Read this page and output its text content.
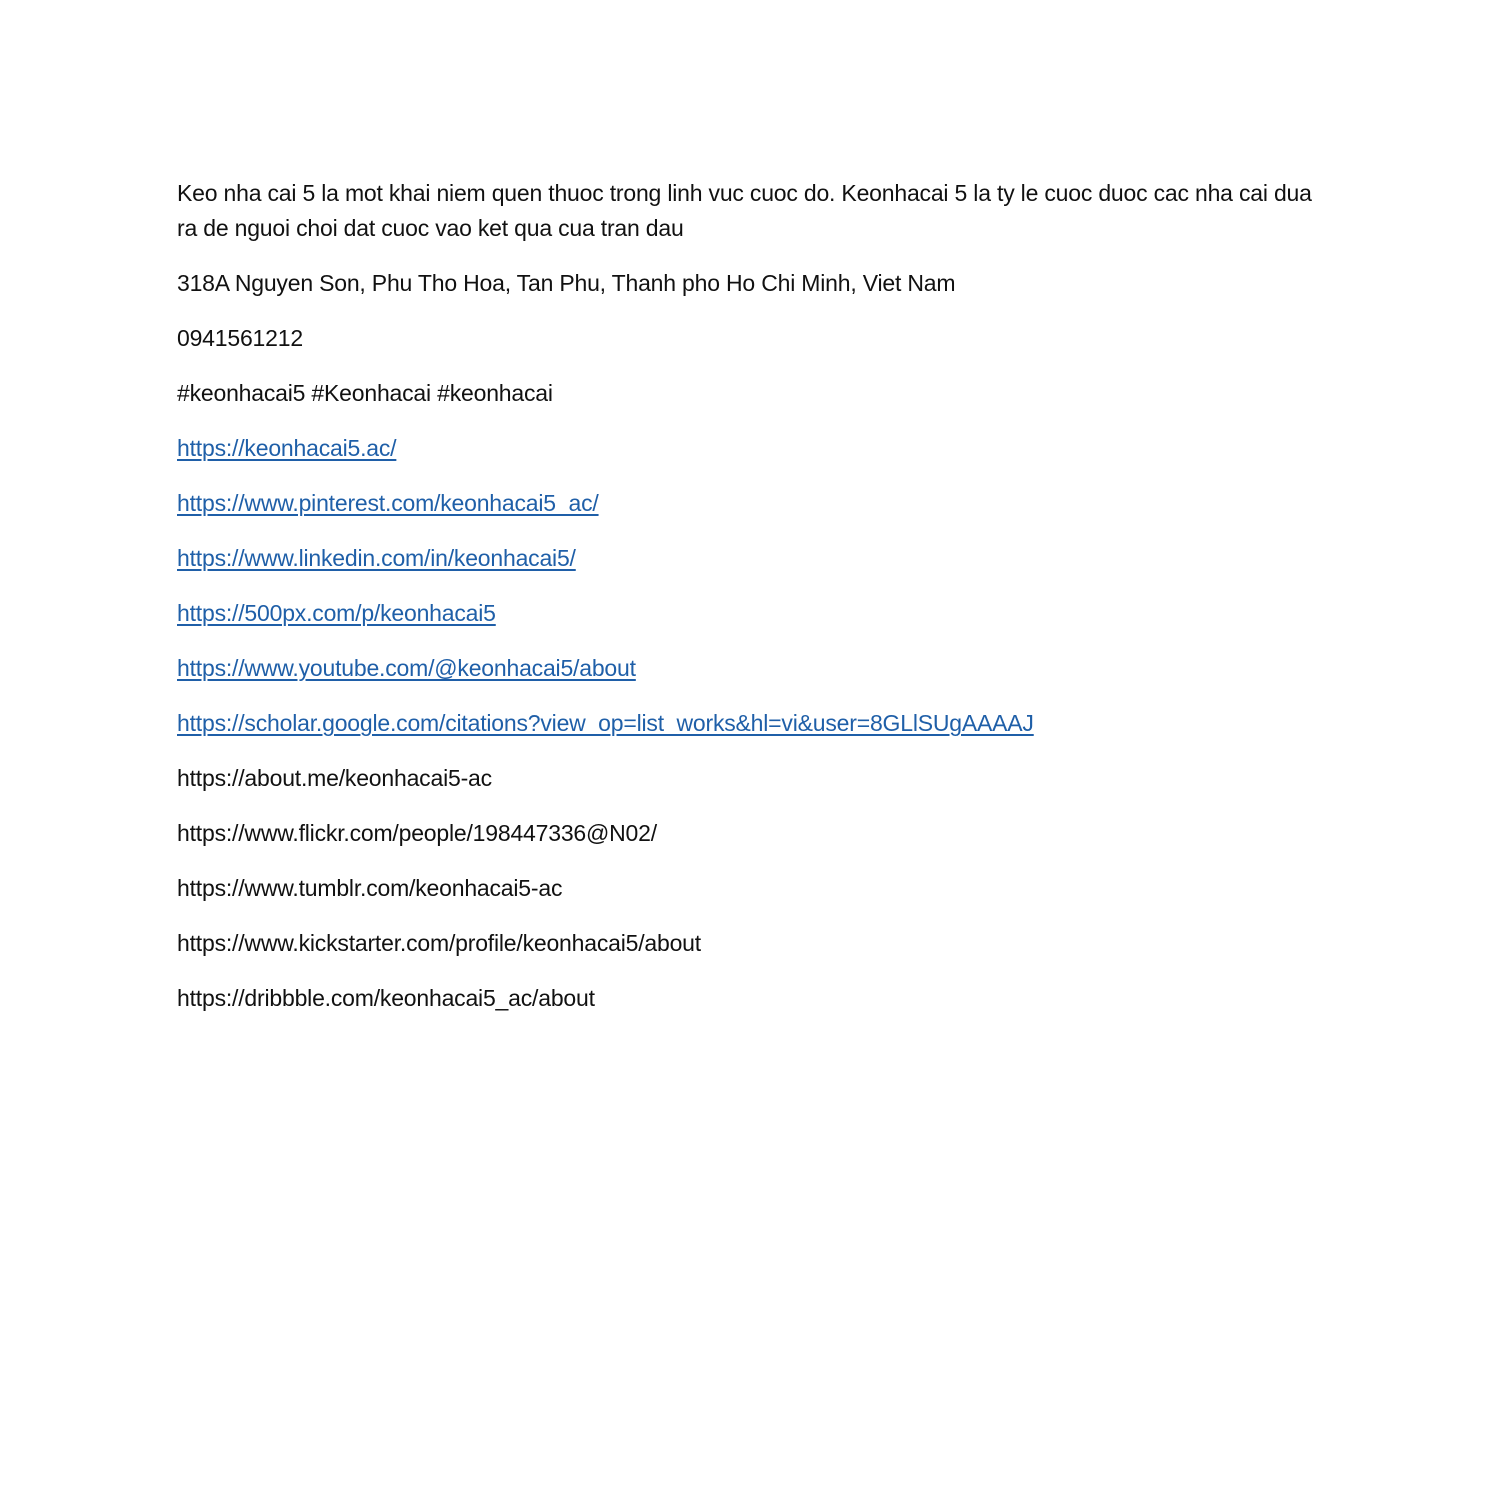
Keo nha cai 5 la mot khai niem quen thuoc trong linh vuc cuoc do. Keonhacai 5 la ty le cuoc duoc cac nha cai dua ra de nguoi choi dat cuoc vao ket qua cua tran dau

318A Nguyen Son, Phu Tho Hoa, Tan Phu, Thanh pho Ho Chi Minh, Viet Nam

0941561212

#keonhacai5 #Keonhacai #keonhacai

https://keonhacai5.ac/

https://www.pinterest.com/keonhacai5_ac/

https://www.linkedin.com/in/keonhacai5/

https://500px.com/p/keonhacai5

https://www.youtube.com/@keonhacai5/about

https://scholar.google.com/citations?view_op=list_works&hl=vi&user=8GLlSUgAAAAJ

https://about.me/keonhacai5-ac

https://www.flickr.com/people/198447336@N02/

https://www.tumblr.com/keonhacai5-ac

https://www.kickstarter.com/profile/keonhacai5/about

https://dribbble.com/keonhacai5_ac/about
